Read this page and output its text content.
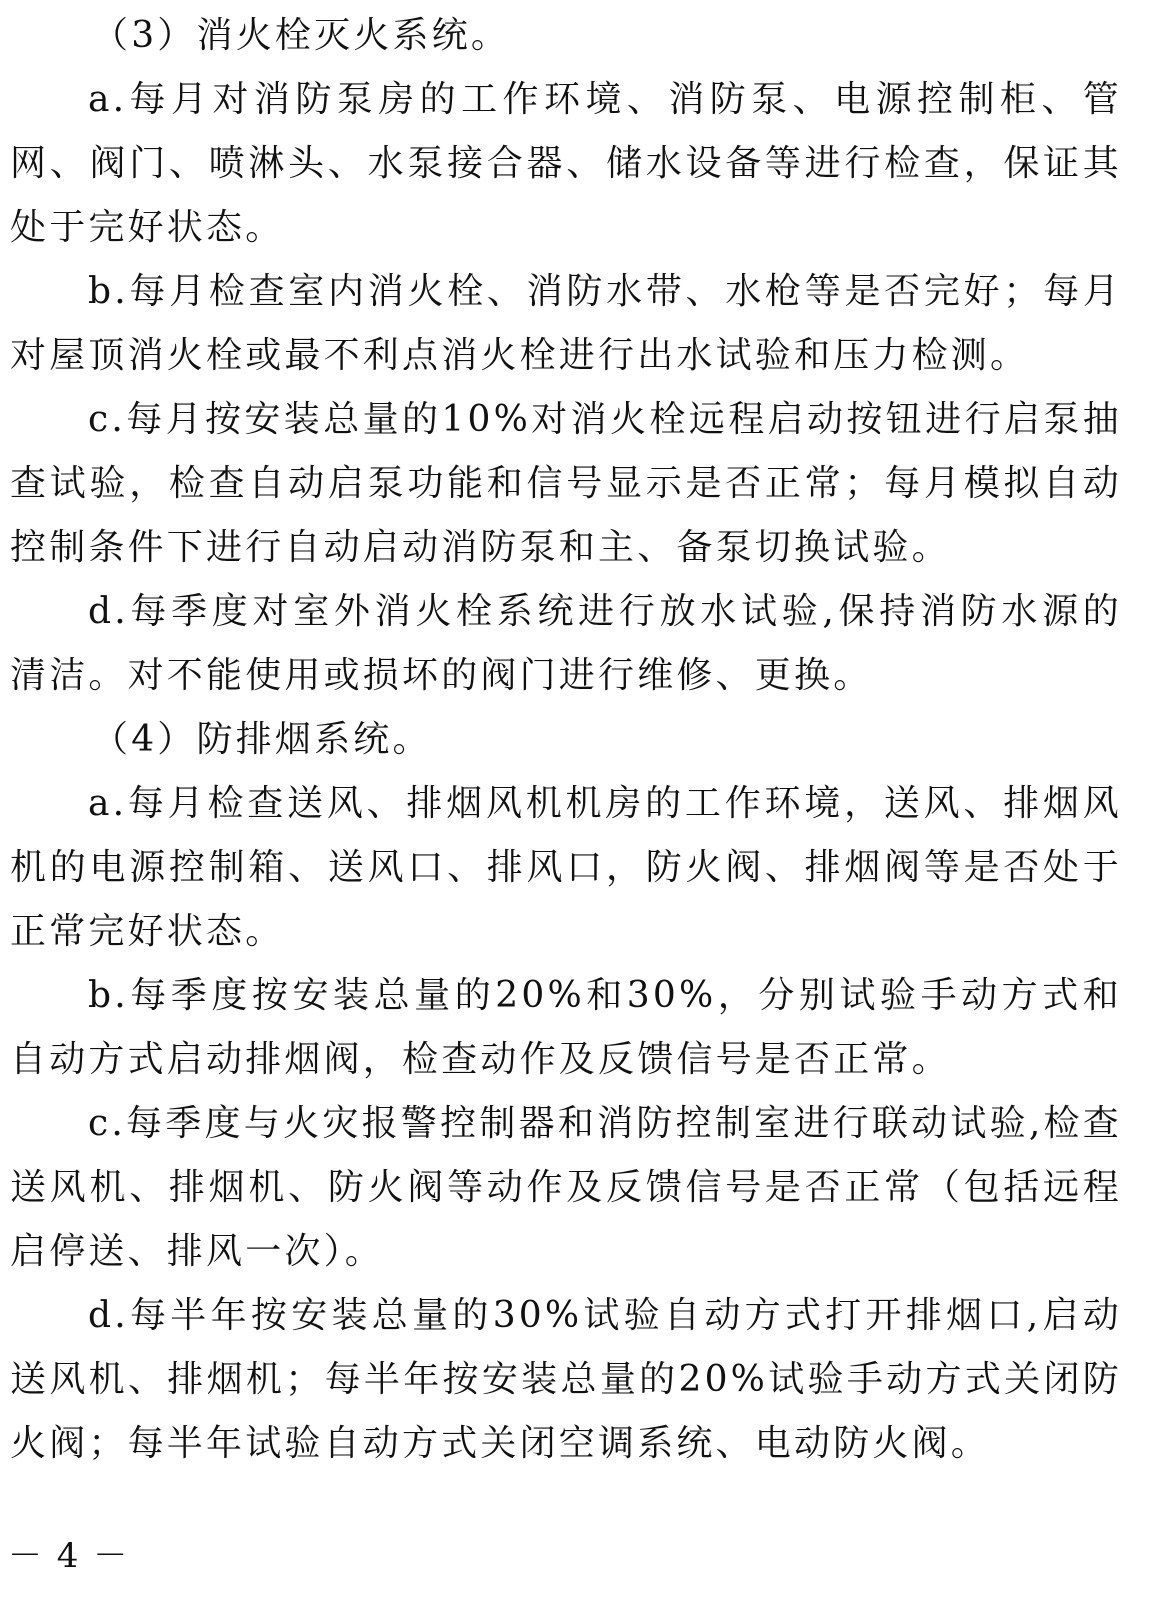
（3）消火栓灭火系统。

a.每月对消防泵房的工作环境、消防泵、电源控制柜、管网、阀门、喷淋头、水泵接合器、储水设备等进行检查，保证其处于完好状态。

b.每月检查室内消火栓、消防水带、水枪等是否完好；每月对屋顶消火栓或最不利点消火栓进行出水试验和压力检测。

c.每月按安装总量的10%对消火栓远程启动按钮进行启泵抽查试验，检查自动启泵功能和信号显示是否正常；每月模拟自动控制条件下进行自动启动消防泵和主、备泵切换试验。

d.每季度对室外消火栓系统进行放水试验,保持消防水源的清洁。对不能使用或损坏的阀门进行维修、更换。

（4）防排烟系统。

a.每月检查送风、排烟风机机房的工作环境，送风、排烟风机的电源控制箱、送风口、排风口，防火阀、排烟阀等是否处于正常完好状态。

b.每季度按安装总量的20%和30%，分别试验手动方式和自动方式启动排烟阀，检查动作及反馈信号是否正常。

c.每季度与火灾报警控制器和消防控制室进行联动试验,检查送风机、排烟机、防火阀等动作及反馈信号是否正常（包括远程启停送、排风一次）。

d.每半年按安装总量的30%试验自动方式打开排烟口,启动送风机、排烟机；每半年按安装总量的20%试验手动方式关闭防火阀；每半年试验自动方式关闭空调系统、电动防火阀。

－ 4 －
